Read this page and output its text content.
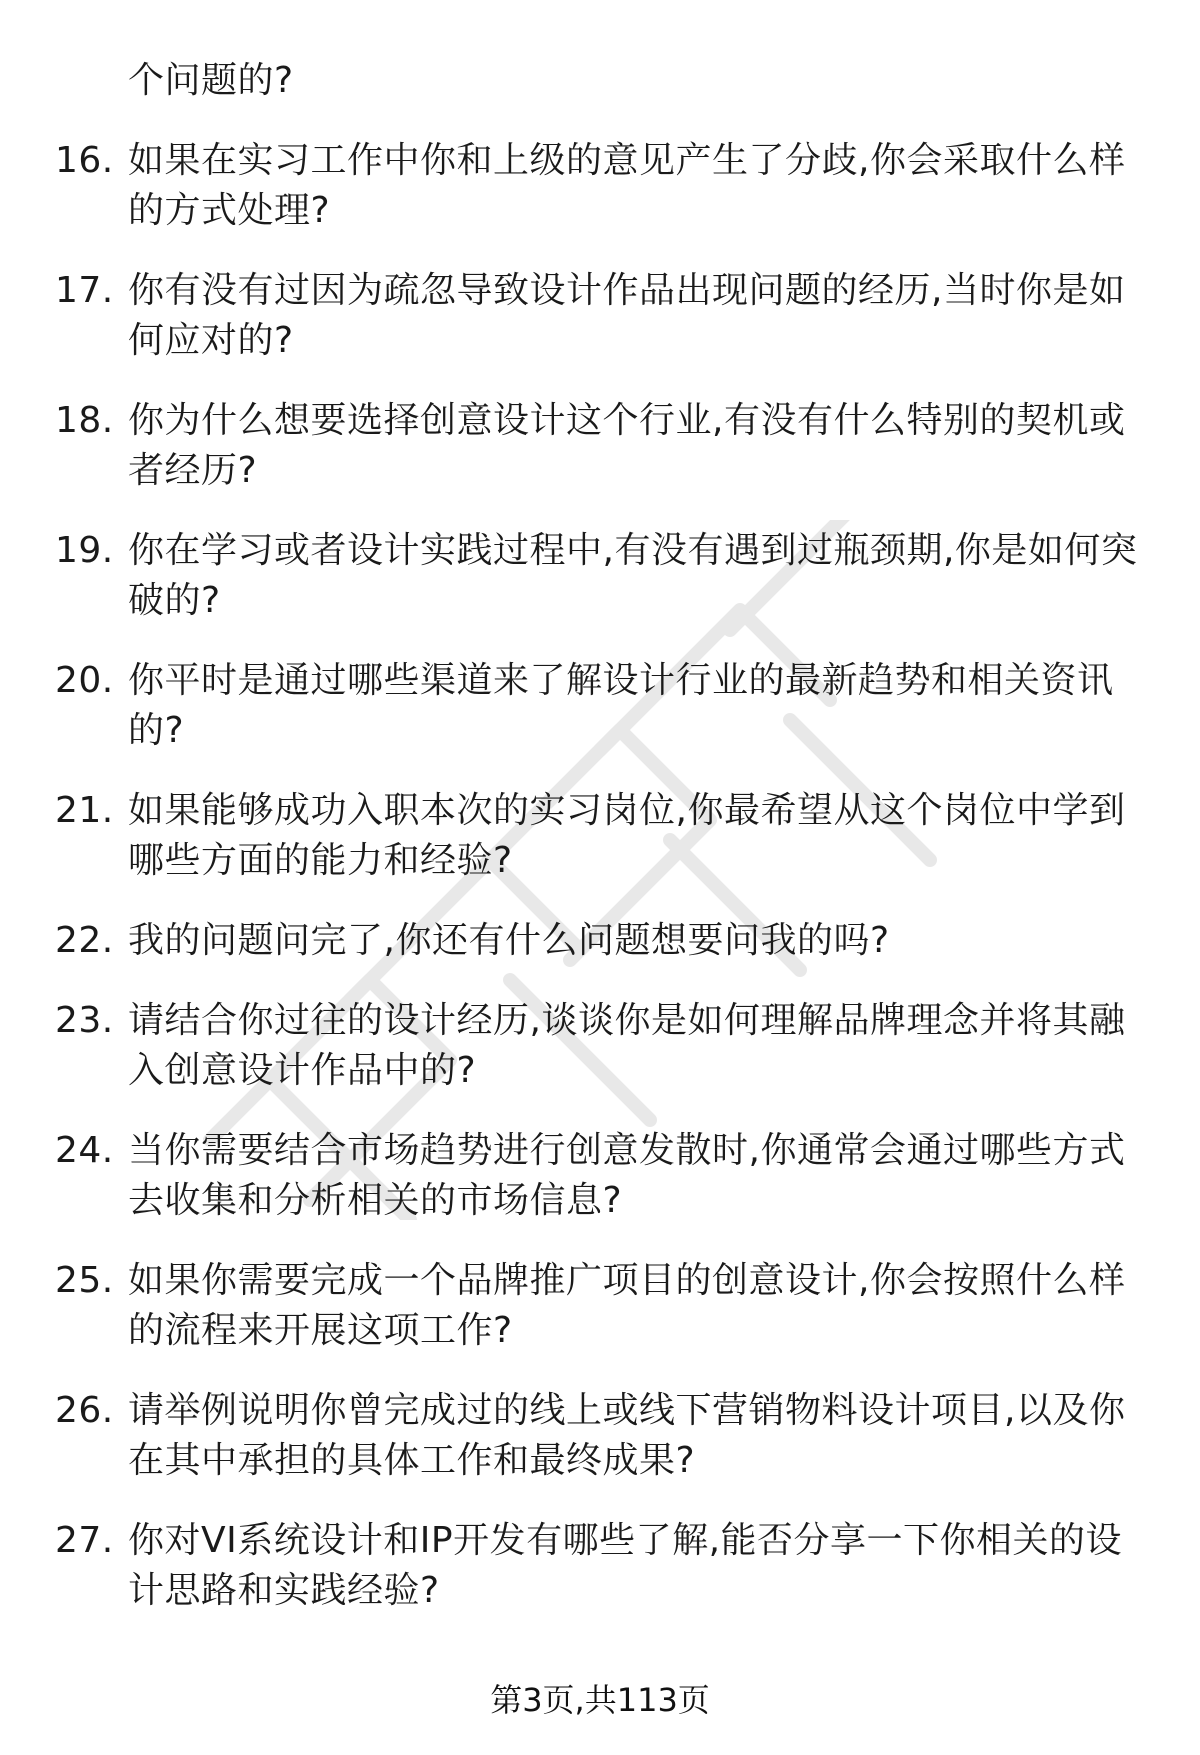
个问题的?
16. 如果在实习工作中你和上级的意见产生了分歧,你会采取什么样的方式处理?
17. 你有没有过因为疏忽导致设计作品出现问题的经历,当时你是如何应对的?
18. 你为什么想要选择创意设计这个行业,有没有什么特别的契机或者经历?
19. 你在学习或者设计实践过程中,有没有遇到过瓶颈期,你是如何突破的?
20. 你平时是通过哪些渠道来了解设计行业的最新趋势和相关资讯的?
21. 如果能够成功入职本次的实习岗位,你最希望从这个岗位中学到哪些方面的能力和经验?
22. 我的问题问完了,你还有什么问题想要问我的吗?
23. 请结合你过往的设计经历,谈谈你是如何理解品牌理念并将其融入创意设计作品中的?
24. 当你需要结合市场趋势进行创意发散时,你通常会通过哪些方式去收集和分析相关的市场信息?
25. 如果你需要完成一个品牌推广项目的创意设计,你会按照什么样的流程来开展这项工作?
26. 请举例说明你曾完成过的线上或线下营销物料设计项目,以及你在其中承担的具体工作和最终成果?
27. 你对VI系统设计和IP开发有哪些了解,能否分享一下你相关的设计思路和实践经验?
第3页,共113页
